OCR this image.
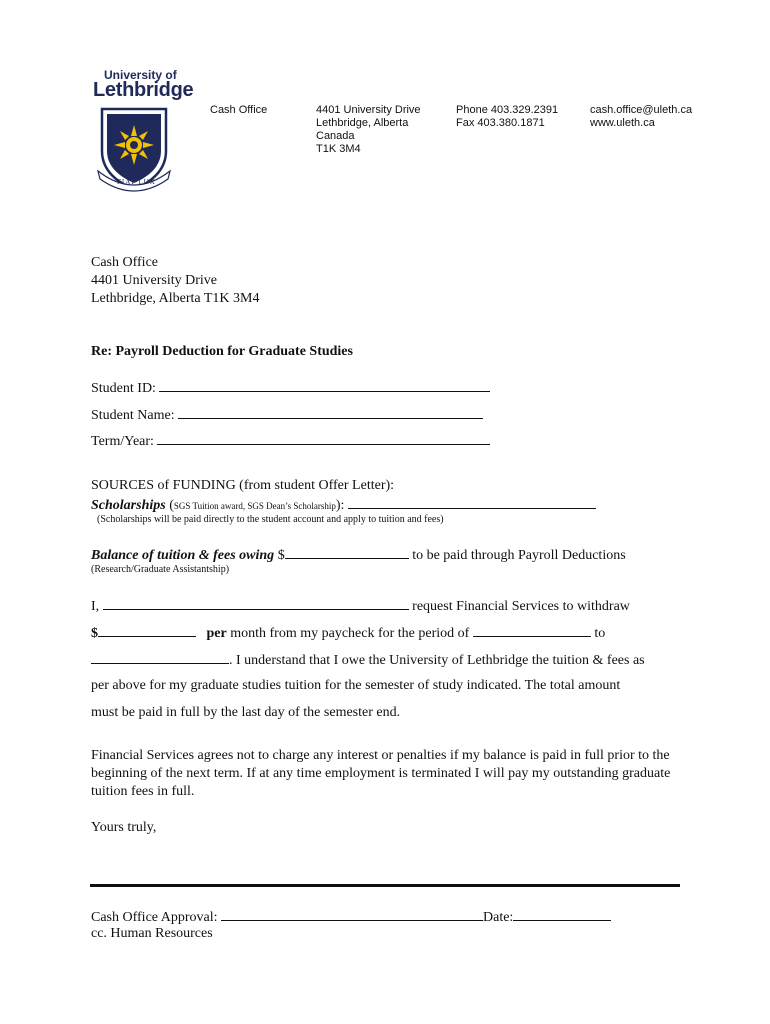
University of
Lethbridge
FIAT LUX
Cash Office	4401 University Drive
Lethbridge, Alberta
Canada
T1K 3M4
Phone 403.329.2391
Fax 403.380.1871
cash.office@uleth.ca
www.uleth.ca
Cash Office
4401 University Drive
Lethbridge, Alberta T1K 3M4
Re: Payroll Deduction for Graduate Studies
Student ID:
Student Name:
Term/Year:
SOURCES of FUNDING (from student Offer Letter):
Scholarships (SGS Tuition award, SGS Dean’s Scholarship):
(Scholarships will be paid directly to the student account and apply to tuition and fees)
Balance of tuition & fees owing $	to be paid through Payroll Deductions
(Research/Graduate Assistantship)
I,	request Financial Services to withdraw
$	per month from my paycheck for the period of	to
. I understand that I owe the University of Lethbridge the tuition & fees as
per above for my graduate studies tuition for the semester of study indicated. The total amount
must be paid in full by the last day of the semester end.
Financial Services agrees not to charge any interest or penalties if my balance is paid in full prior to the beginning of the next term. If at any time employment is terminated I will pay my outstanding graduate tuition fees in full.
Yours truly,
Cash Office Approval:	Date:
cc. Human Resources
